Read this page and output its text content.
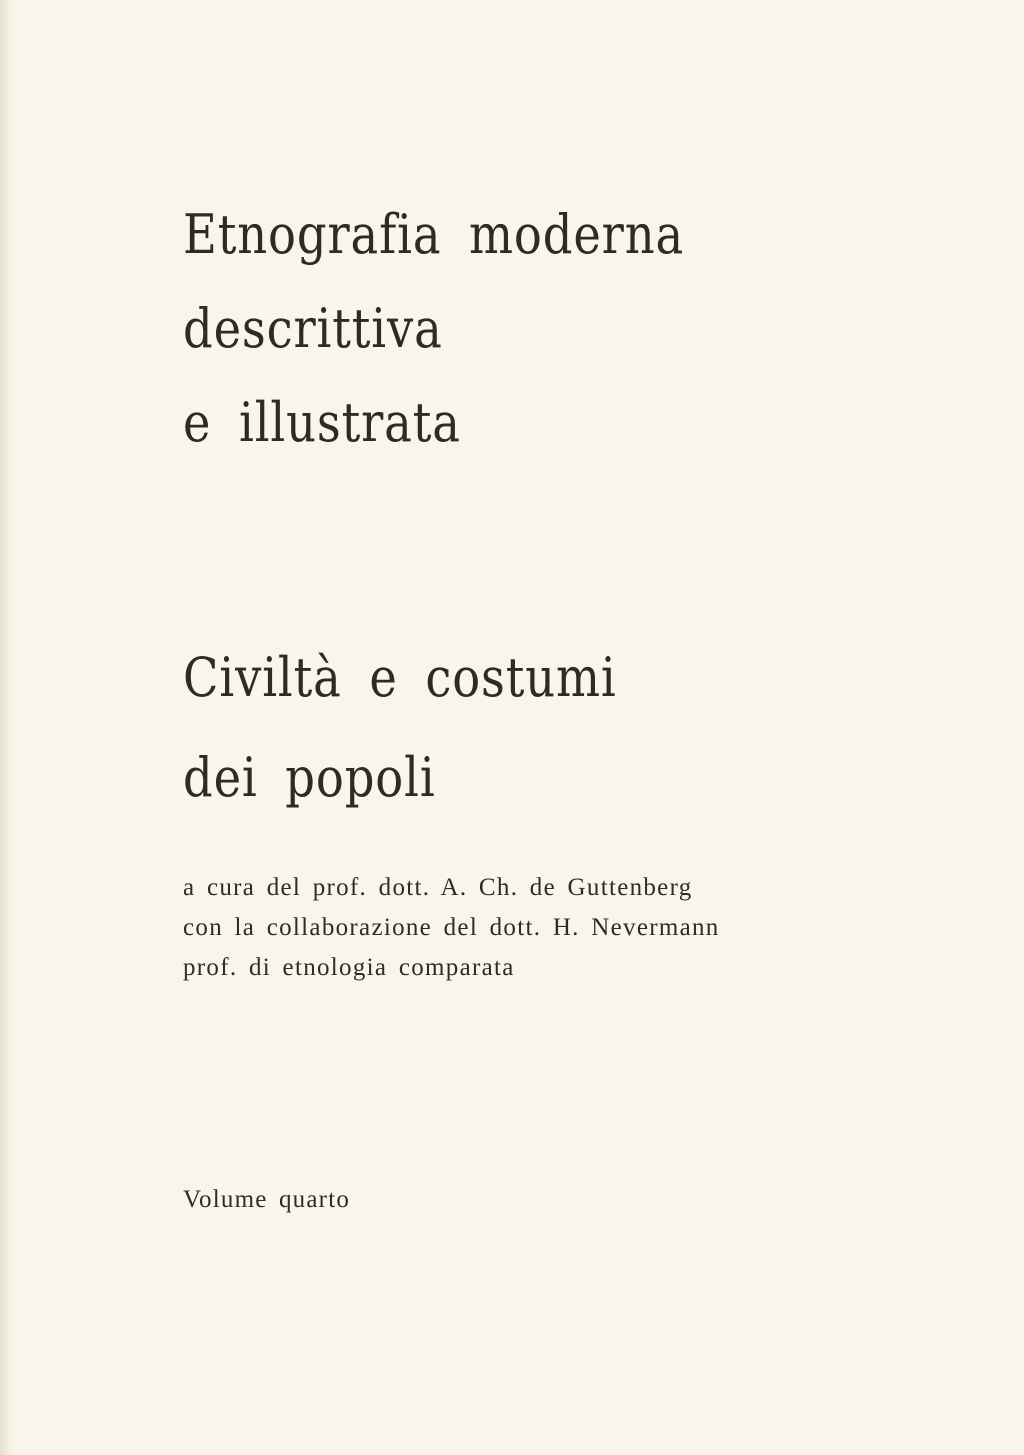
Etnografia moderna
descrittiva
e illustrata
Civiltà e costumi
dei popoli
a cura del prof. dott. A. Ch. de Guttenberg
con la collaborazione del dott. H. Nevermann
prof. di etnologia comparata
Volume quarto
